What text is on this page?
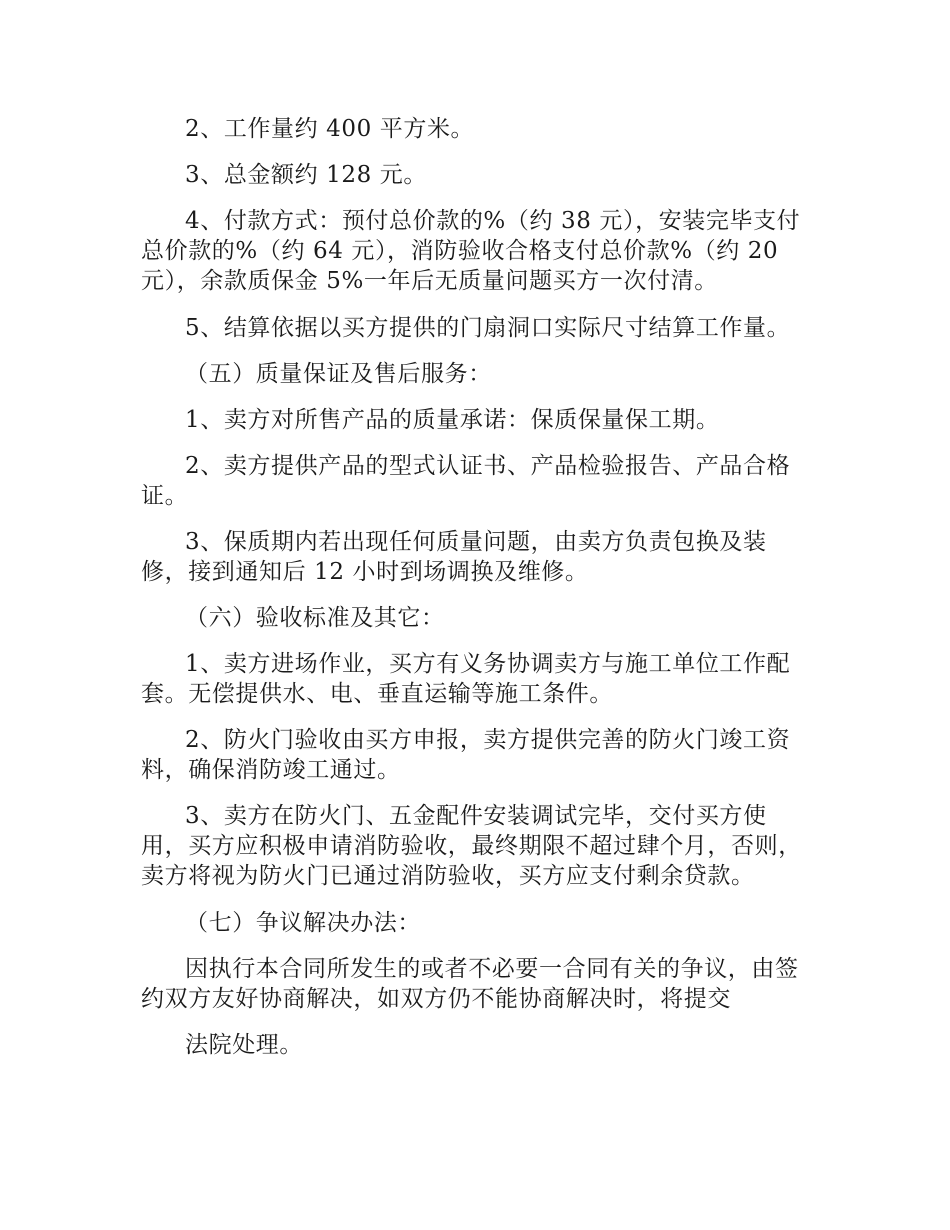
2、工作量约 400 平方米。

3、总金额约 128 元。

4、付款方式：预付总价款的%（约 38 元），安装完毕支付总价款的%（约 64 元），消防验收合格支付总价款%（约 20 元），余款质保金 5%一年后无质量问题买方一次付清。

5、结算依据以买方提供的门扇洞口实际尺寸结算工作量。

（五）质量保证及售后服务：

1、卖方对所售产品的质量承诺：保质保量保工期。

2、卖方提供产品的型式认证书、产品检验报告、产品合格证。

3、保质期内若出现任何质量问题，由卖方负责包换及装修，接到通知后 12 小时到场调换及维修。

（六）验收标准及其它：

1、卖方进场作业，买方有义务协调卖方与施工单位工作配套。无偿提供水、电、垂直运输等施工条件。

2、防火门验收由买方申报，卖方提供完善的防火门竣工资料，确保消防竣工通过。

3、卖方在防火门、五金配件安装调试完毕，交付买方使用，买方应积极申请消防验收，最终期限不超过肆个月，否则，卖方将视为防火门已通过消防验收，买方应支付剩余贷款。

（七）争议解决办法：

因执行本合同所发生的或者不必要一合同有关的争议，由签约双方友好协商解决，如双方仍不能协商解决时，将提交

法院处理。
